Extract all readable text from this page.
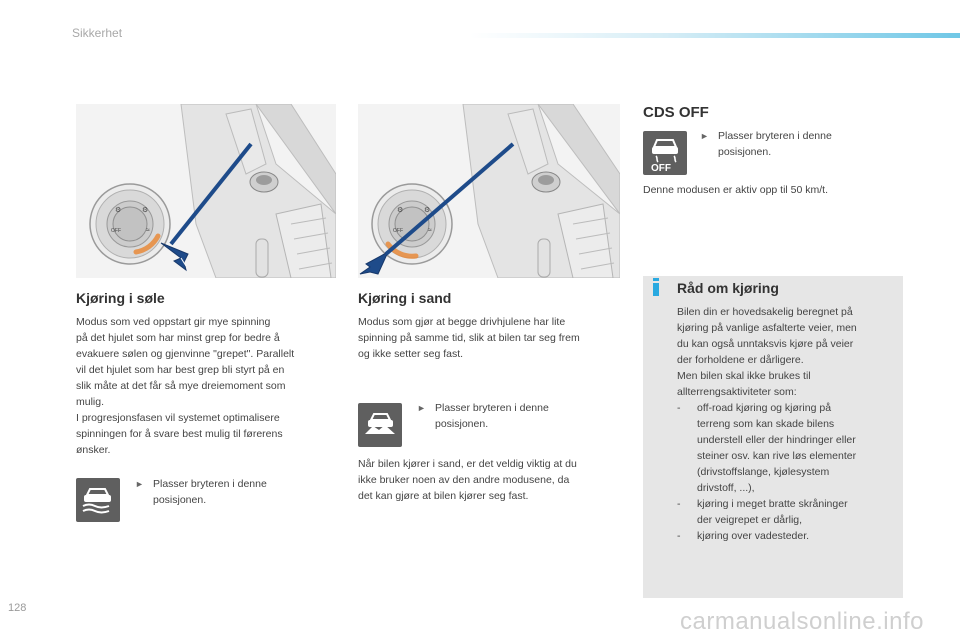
Sikkerhet
⚙	⚙
OFF	≈
⚙	⚙
OFF	≈
CDS OFF
OFF
► Plasser bryteren i denne
posisjonen.
Denne modusen er aktiv opp til 50 km/t.
Kjøring i søle
Modus som ved oppstart gir mye spinning
på det hjulet som har minst grep for bedre å
evakuere sølen og gjenvinne "grepet". Parallelt
vil det hjulet som har best grep bli styrt på en
slik måte at det får så mye dreiemoment som
mulig.
I progresjonsfasen vil systemet optimalisere
spinningen for å svare best mulig til førerens
ønsker.
► Plasser bryteren i denne
posisjonen.
Kjøring i sand
Modus som gjør at begge drivhjulene har lite
spinning på samme tid, slik at bilen tar seg frem
og ikke setter seg fast.
► Plasser bryteren i denne
posisjonen.
Når bilen kjører i sand, er det veldig viktig at du
ikke bruker noen av den andre modusene, da
det kan gjøre at bilen kjører seg fast.
Råd om kjøring
Bilen din er hovedsakelig beregnet på
kjøring på vanlige asfalterte veier, men
du kan også unntaksvis kjøre på veier
der forholdene er dårligere.
Men bilen skal ikke brukes til
allterrengsaktiviteter som:
- off-road kjøring og kjøring på
terreng som kan skade bilens
understell eller der hindringer eller
steiner osv. kan rive løs elementer
(drivstoffslange, kjølesystem
drivstoff, ...),
- kjøring i meget bratte skråninger
der veigrepet er dårlig,
- kjøring over vadesteder.
128	carmanualsonline.info
